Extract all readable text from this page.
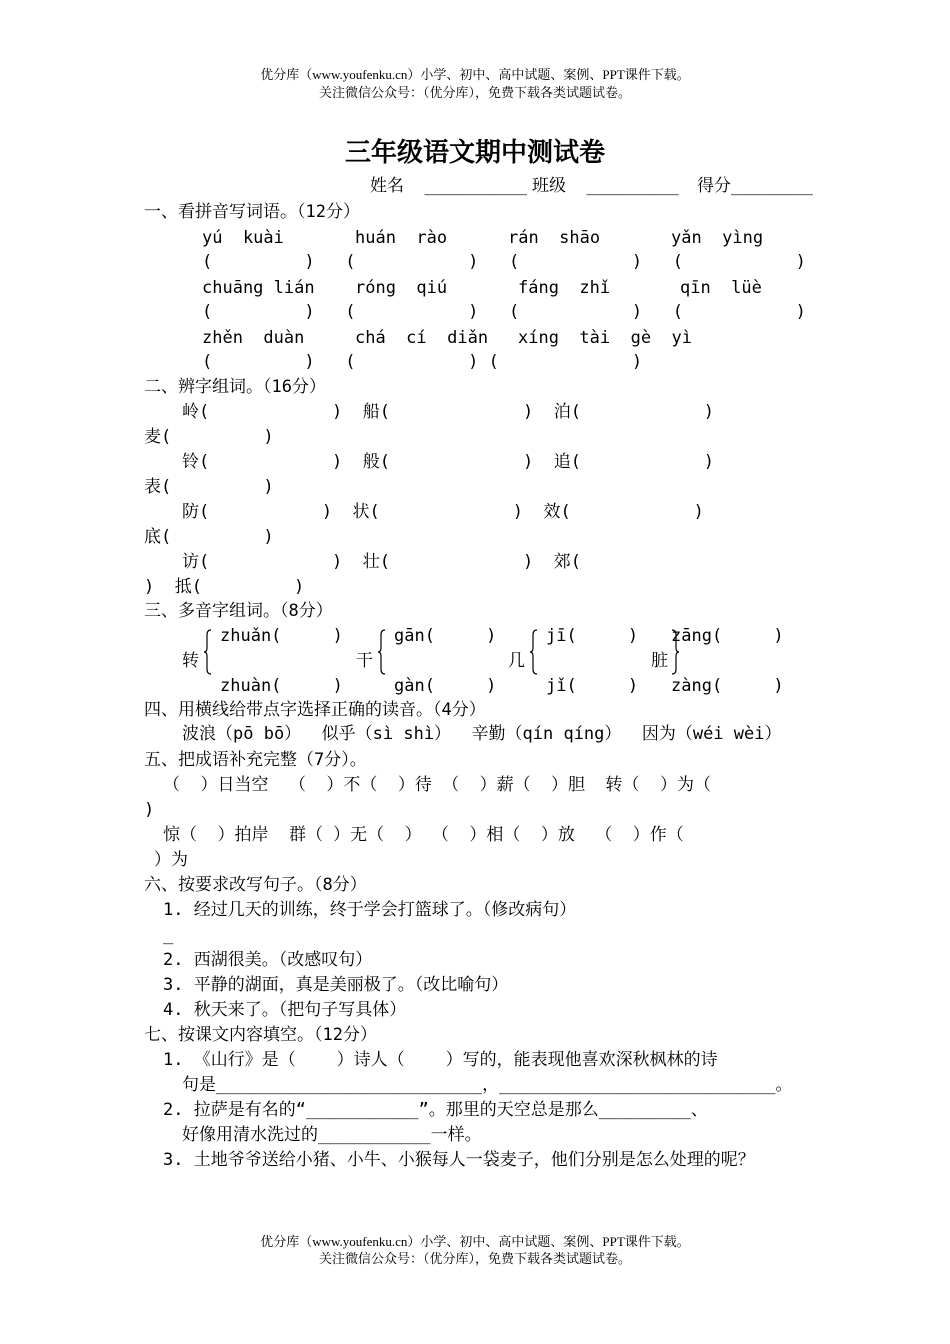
优分库（www.youfenku.cn）小学、初中、高中试题、案例、PPT课件下载。
关注微信公众号：（优分库），免费下载各类试题试卷。
三年级语文期中测试卷
姓名  __________ 班级  _________ 得分________
一、看拼音写词语。（12分）
yú  kuài	huán  rào	rán  shāo	yǎn  yìng
(         )   (           )   (           )   (           )
chuāng lián róng  qiú	fáng  zhǐ	qīn  lüè
(         )   (           )   (           )   (           )
zhěn  duàn	chá  cí  diǎn xíng  tài  gè  yì
(         )   (           ) (             )
二、辨字组词。（16分）
岭(            )  船(             )  泊(            )
麦(         )
铃(            )  般(             )  追(            )
表(         )
防(           )  状(             )  效(            )
底(         )
访(            )  壮(             )  郊(
)  抵(         )
三、多音字组词。（8分）
转
zhuǎn(     )
zhuàn(     )
干
gān(     )
gàn(     )
几
jī(     )
jǐ(     )
脏
zāng(     )
zàng(     )
四、用横线给带点字选择正确的读音。（4分）
波浪（pō bō）  似乎（sì shì）  辛勤（qín qíng）  因为（wéi wèi）
五、把成语补充完整（7分）。
（  ）日当空  （  ）不（  ）待 （  ）薪（  ）胆  转（  ）为（
)
惊（  ）拍岸  群（ ）无（  ） （  ）相（  ）放  （  ）作（
）为
六、按要求改写句子。（8分）
1. 经过几天的训练，终于学会打篮球了。（修改病句）
_
2. 西湖很美。（改感叹句）
3. 平静的湖面，真是美丽极了。（改比喻句）
4. 秋天来了。（把句子写具体）
七、按课文内容填空。（12分）
1. 《山行》是（    ）诗人（    ）写的，能表现他喜欢深秋枫林的诗
句是__________________________，___________________________。
2. 拉萨是有名的“___________”。那里的天空总是那么_________、
好像用清水洗过的___________一样。
3. 土地爷爷送给小猪、小牛、小猴每人一袋麦子，他们分别是怎么处理的呢？
优分库（www.youfenku.cn）小学、初中、高中试题、案例、PPT课件下载。
关注微信公众号：（优分库），免费下载各类试题试卷。
